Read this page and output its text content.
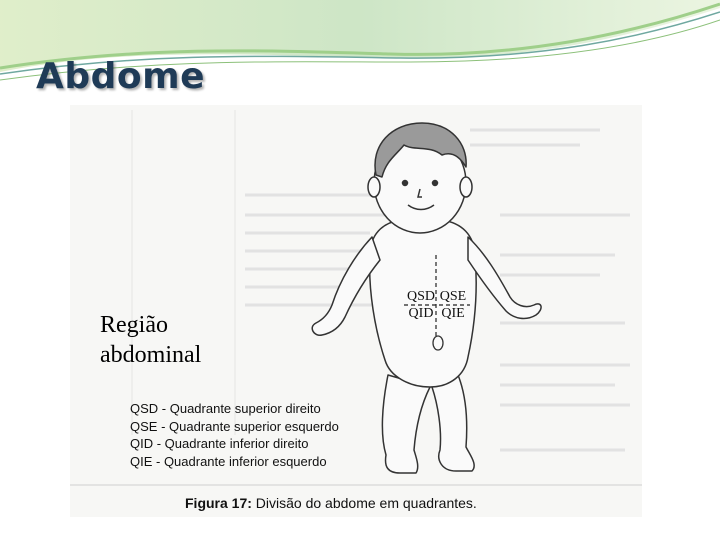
Abdome
QSD QSE
QID QIE
Região abdominal
QSD - Quadrante superior direito
QSE - Quadrante superior esquerdo
QID - Quadrante inferior direito
QIE - Quadrante inferior esquerdo
Figura 17: Divisão do abdome em quadrantes.
